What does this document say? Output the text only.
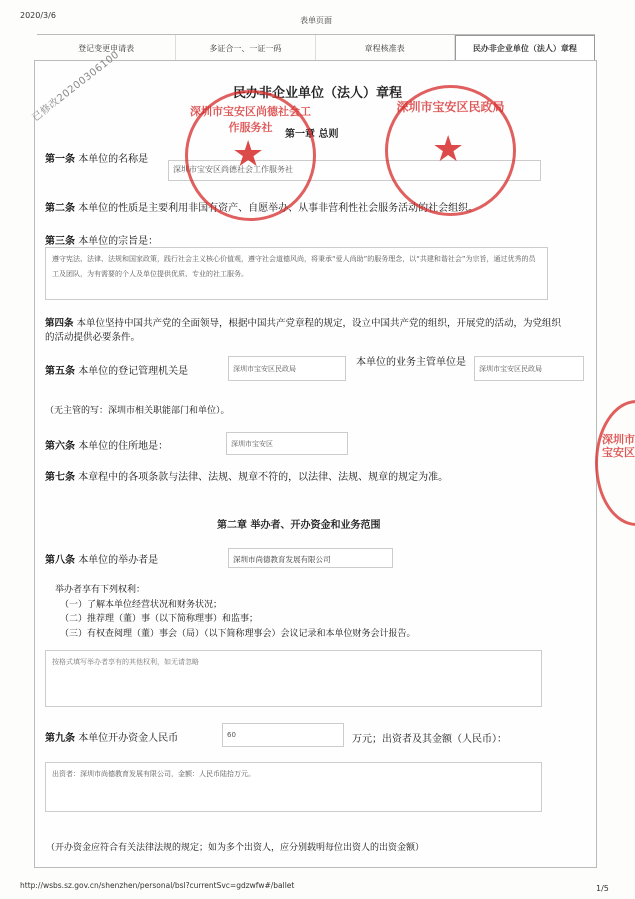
2020/3/6
表单页面
登记变更申请表	多证合一、一证一码	章程核准表	民办非企业单位（法人）章程
已修改20200306100	民办非企业单位（法人）章程
第一章 总则
第一条 本单位的名称是
深圳市宝安区尚德社会工作服务社
第二条 本单位的性质是主要利用非国有资产、自愿举办、从事非营利性社会服务活动的社会组织。
第三条 本单位的宗旨是：
遵守宪法、法律、法规和国家政策，践行社会主义核心价值观，遵守社会道德风尚，将秉承“爱人尚助”的服务理念，以“共建和谐社会”为宗旨，通过优秀的员工及团队，为有需要的个人及单位提供优质、专业的社工服务。
第四条 本单位坚持中国共产党的全面领导，根据中国共产党章程的规定，设立中国共产党的组织，开展党的活动，为党组织的活动提供必要条件。
第五条 本单位的登记管理机关是	深圳市宝安区民政局
本单位的业务主管单位是
深圳市宝安区民政局
（无主管的写：深圳市相关职能部门和单位）。
第六条 本单位的住所地是：	深圳市宝安区
第七条 本章程中的各项条款与法律、法规、规章不符的，以法律、法规、规章的规定为准。
第二章 举办者、开办资金和业务范围
第八条 本单位的举办者是	深圳市尚德教育发展有限公司
举办者享有下列权利：
（一）了解本单位经营状况和财务状况；
（二）推荐理（董）事（以下简称理事）和监事；
（三）有权查阅理（董）事会（局）（以下简称理事会）会议记录和本单位财务会计报告。
按格式填写举办者享有的其他权利，如无请忽略
第九条 本单位开办资金人民币	60	万元；出资者及其金额（人民币）：
出资者：深圳市尚德教育发展有限公司，金额：人民币陆拾万元。
（开办资金应符合有关法律法规的规定；如为多个出资人，应分别载明每位出资人的出资金额）
深圳市宝安区尚德社会工作服务社
★
深圳市宝安区民政局
★
深圳市宝安区
http://wsbs.sz.gov.cn/shenzhen/personal/bsl?currentSvc=gdzwfw#/ballet	1/5
